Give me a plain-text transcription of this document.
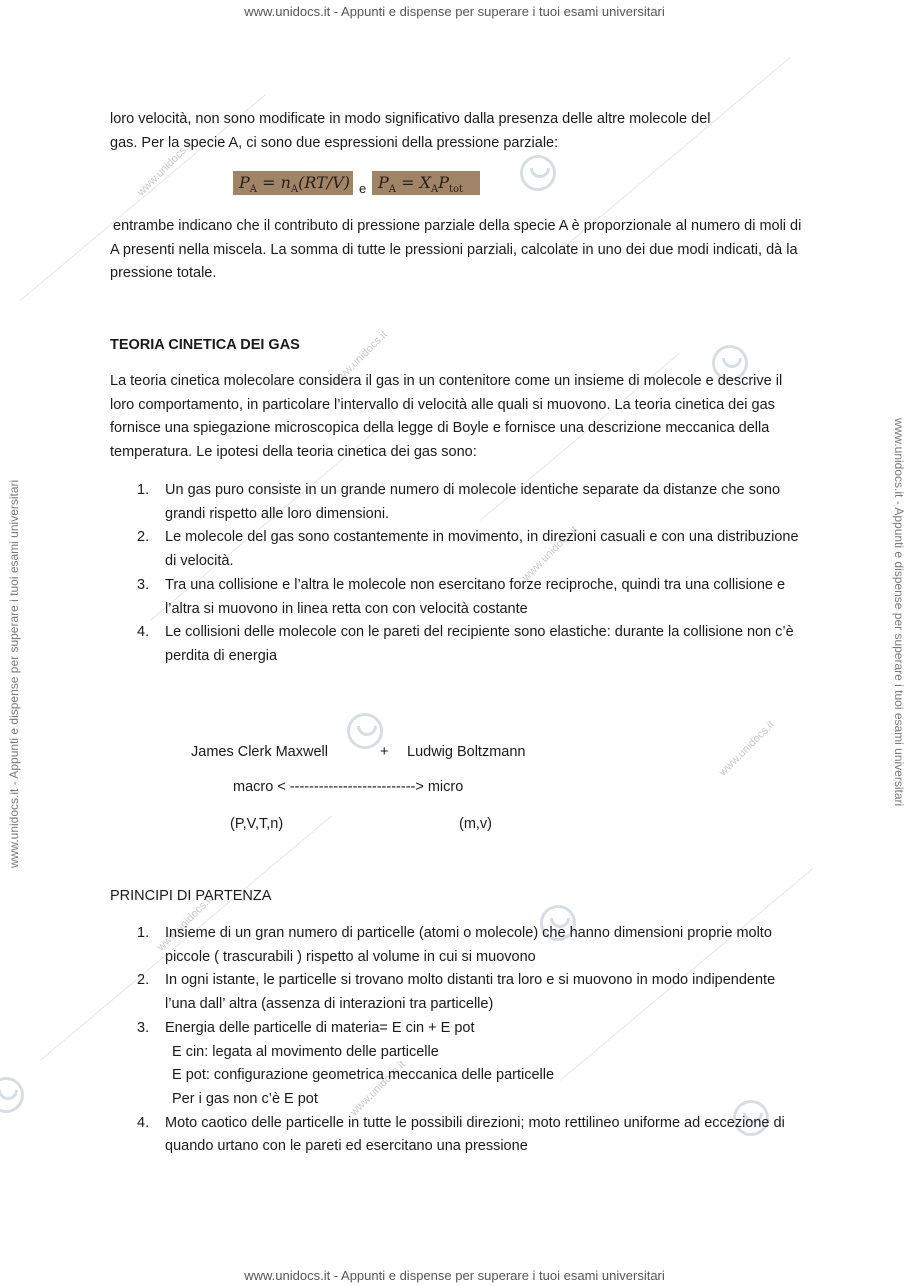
www.unidocs.it
www.unidocs.it
www.unidocs.it
www.unidocs.it
www.unidocs.it
www.unidocs.it
www.unidocs.it - Appunti e dispense per superare i tuoi esami universitari
www.unidocs.it - Appunti e dispense per superare i tuoi esami universitari
www.unidocs.it - Appunti e dispense per superare i tuoi esami universitari	www.unidocs.it - Appunti e dispense per superare i tuoi esami universitari

loro velocità, non sono modificate in modo significativo dalla presenza delle altre molecole del

gas. Per la specie A, ci sono due espressioni della pressione parziale:

$P_A = n_A(RT/V)$ e $P_A = X_AP_{tot}$
entrambe indicano che il contributo di pressione parziale della specie A è proporzionale al numero di moli di A presenti nella miscela. La somma di tutte le pressioni parziali, calcolate in uno dei due modi indicati, dà la pressione totale.
TEORIA CINETICA DEI GAS
La teoria cinetica molecolare considera il gas in un contenitore come un insieme di molecole e descrive il loro comportamento, in particolare l’intervallo di velocità alle quali si muovono. La teoria cinetica dei gas fornisce una spiegazione microscopica della legge di Boyle e fornisce una descrizione meccanica della temperatura. Le ipotesi della teoria cinetica dei gas sono:
1. Un gas puro consiste in un grande numero di molecole identiche separate da distanze che sono grandi rispetto alle loro dimensioni.
2. Le molecole del gas sono costantemente in movimento, in direzioni casuali e con una distribuzione di velocità.
3. Tra una collisione e l’altra le molecole non esercitano forze reciproche, quindi tra una collisione e l’altra si muovono in linea retta con con velocità costante
4. Le collisioni delle molecole con le pareti del recipiente sono elastiche: durante la collisione non c’è perdita di energia
James Clerk Maxwell	+ Ludwig Boltzmann
macro < --------------------------> micro
(P,V,T,n)	(m,v)
PRINCIPI DI PARTENZA
1. Insieme di un gran numero di particelle (atomi o molecole) che hanno dimensioni proprie molto piccole ( trascurabili ) rispetto al volume in cui si muovono
2. In ogni istante, le particelle si trovano molto distanti tra loro e si muovono in modo indipendente l’una dall’ altra (assenza di interazioni tra particelle)
3. Energia delle particelle di materia= E cin + E pot
E cin: legata al movimento delle particelle
E pot: configurazione geometrica meccanica delle particelle
Per i gas non c’è E pot
4. Moto caotico delle particelle in tutte le possibili direzioni; moto rettilineo uniforme ad eccezione di quando urtano con le pareti ed esercitano una pressione
